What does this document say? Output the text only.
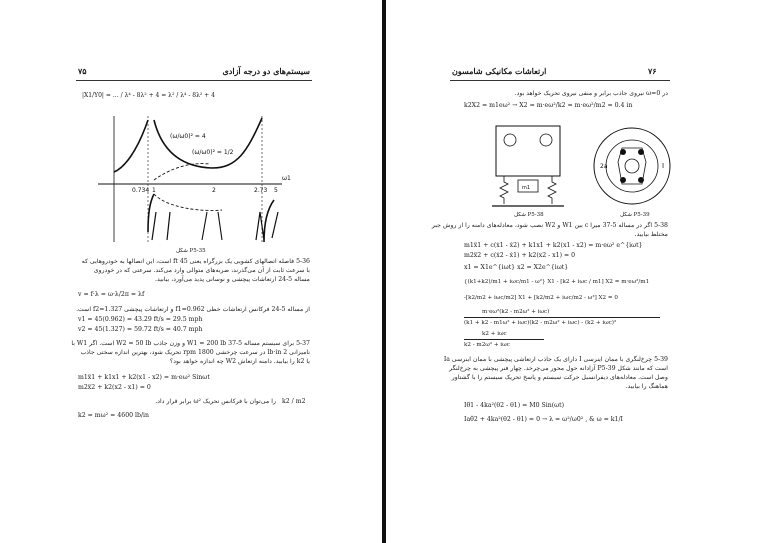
۷۵	سیستم‌های دو درجه آزادی
|X1/Y0| = … / λ⁴ - 8λ² + 4 = λ² / λ⁴ - 8λ² + 4
(ω/ω0)² = 4
(ω/ω0)² = 1/2
0.734 1	2	2.73 5
ω1
شکل P5-35
5-36 فاصله اتصالهای کشویی یک بزرگراه یعنی ft 45 است، این اتصالها به خودروهایی که
با سرعت ثابت از آن می‌گذرند، ضربه‌های متوالی وارد می‌کند. سرعتی که در خودروی
مساله 5-24 ارتعاشات پیچشی و نوسانی پدید می‌آورد، بیابید.
v = f·λ = ω·λ/2π = λf
از مساله 5-24 فرکانس ارتعاشات خطی f1=0.962 و ارتعاشات پیچشی f2=1.327 است.
v1 = 45(0.962) = 43.29 ft/s = 29.5 mph
v2 = 45(1.327) = 59.72 ft/s = 40.7 mph
5-37 برای سیستم مساله 5-37 W1 = 200 lb و وزن جاذب W2 = 50 lb است. اگر W1 با
نامیزانی lb·in 2 در سرعت چرخشی 1800 rpm تحریک شود، بهترین اندازه سختی جاذب
یا k2 را بیابید. دامنه ارتعاش W2 چه اندازه خواهد بود؟
m1ẍ1 + k1x1 + k2(x1 - x2) = m·eω² Sinωt
m2ẍ2 + k2(x2 - x1) = 0
را می‌توان با فرکانس تحریک ω² برابر قرار داد. k2 / m2
k2 = mω² = 4600 lb/in
۷۶
ارتعاشات مکانیکی شامسون
در ω=0 نیروی جاذب برابر و منفی نیروی تحریک خواهد بود.
k2X2 = m1eω² → X2 = m·eω²/k2 = m·eω²/m2 = 0.4 in
m1
شکل P5-38
2a	I
شکل P5-39
5-38 اگر در مساله 5-37 میرا c بین W1 و W2 نصب شود، معادله‌های دامنه را از روش جبر
مختلط بیابید.
m1ẍ1 + c(ẋ1 - ẋ2) + k1x1 + k2(x1 - x2) = m·eω² e^{iωt}
m2ẍ2 + c(ẋ2 - ẋ1) + k2(x2 - x1) = 0
x1 = X1e^{iωt} x2 = X2e^{iωt}
{(k1+k2)/m1 + iωc/m1 - ω²} X1 - [k2 + iωc / m1] X2 = m·eω²/m1
-[k2/m2 + iωc/m2] X1 + [k2/m2 + iωc/m2 - ω²] X2 = 0
m·eω²(k2 - m2ω² + iωc)
(k1 + k2 - m1ω² + iωc)(k2 - m2ω² + iωc) - (k2 + iωc)²
k2 + iωc
k2 - m2ω² + iωc
5-39 چرخ‌لنگری با ممان اینرسی I دارای یک جاذب ارتعاشی پیچشی با ممان اینرسی Ia
است که مانند شکل P5-39 آزادانه حول محور می‌چرخد. چهار فنر پیچشی به چرخ‌لنگر
وصل است. معادله‌های دیفرانسیل حرکت سیستم و پاسخ تحریک سیستم را با گشتاور
هماهنگ را بیابید.
Iθ̈1 - 4ka²(θ2 - θ1) = M0 Sin(ωt)
Iaθ̈2 + 4ka²(θ2 - θ1) = 0 → λ = ω²/ω0² , & ω = k1/I
